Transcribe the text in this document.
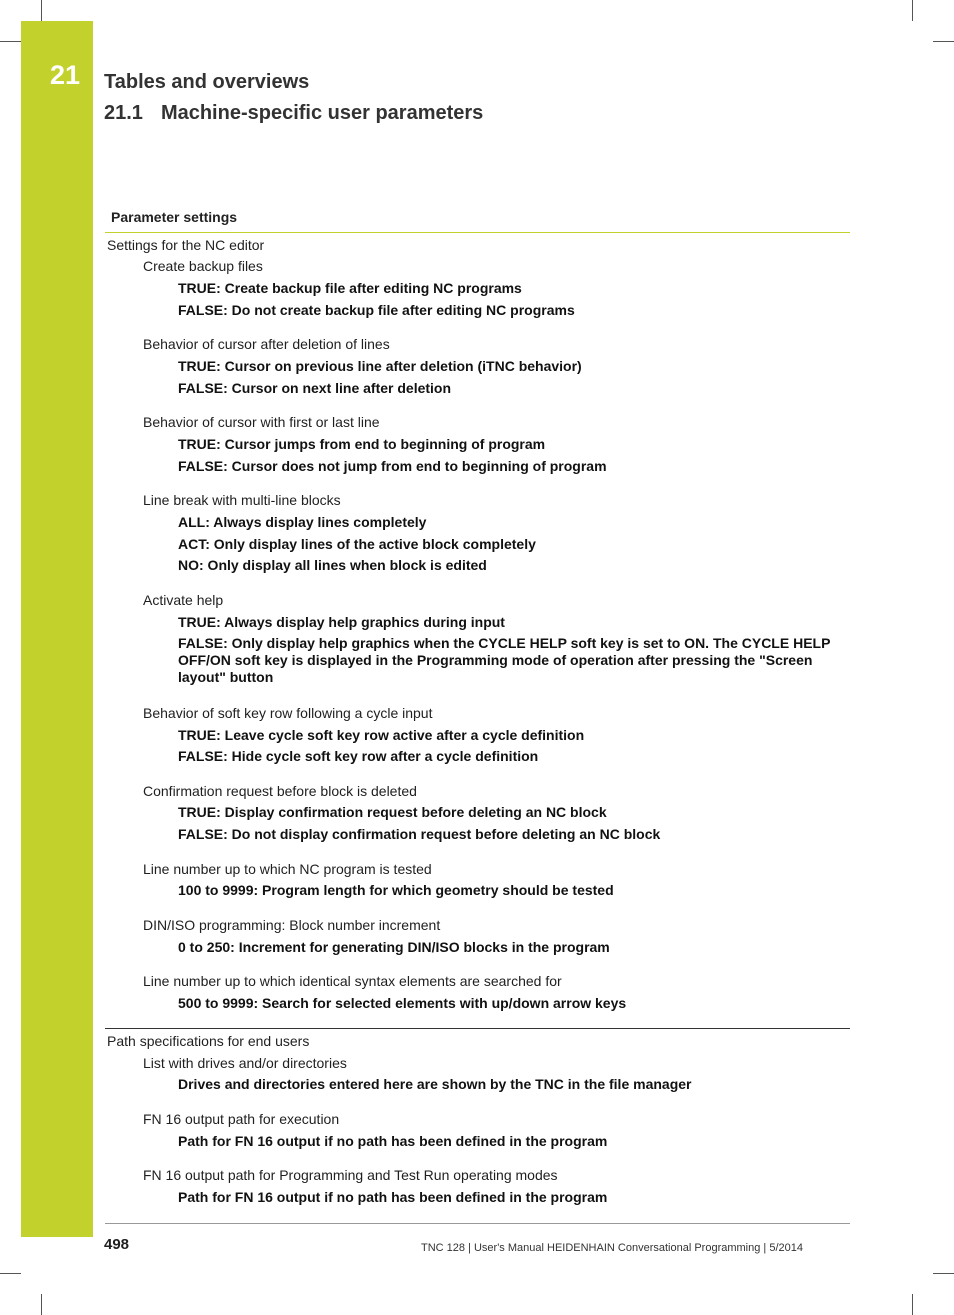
21 Tables and overviews
21.1 Machine-specific user parameters
Parameter settings
Settings for the NC editor
Create backup files
TRUE: Create backup file after editing NC programs
FALSE: Do not create backup file after editing NC programs
Behavior of cursor after deletion of lines
TRUE: Cursor on previous line after deletion (iTNC behavior)
FALSE: Cursor on next line after deletion
Behavior of cursor with first or last line
TRUE: Cursor jumps from end to beginning of program
FALSE: Cursor does not jump from end to beginning of program
Line break with multi-line blocks
ALL: Always display lines completely
ACT: Only display lines of the active block completely
NO: Only display all lines when block is edited
Activate help
TRUE: Always display help graphics during input
FALSE: Only display help graphics when the CYCLE HELP soft key is set to ON. The CYCLE HELP OFF/ON soft key is displayed in the Programming mode of operation after pressing the "Screen layout" button
Behavior of soft key row following a cycle input
TRUE: Leave cycle soft key row active after a cycle definition
FALSE: Hide cycle soft key row after a cycle definition
Confirmation request before block is deleted
TRUE: Display confirmation request before deleting an NC block
FALSE: Do not display confirmation request before deleting an NC block
Line number up to which NC program is tested
100 to 9999: Program length for which geometry should be tested
DIN/ISO programming: Block number increment
0 to 250: Increment for generating DIN/ISO blocks in the program
Line number up to which identical syntax elements are searched for
500 to 9999: Search for selected elements with up/down arrow keys
Path specifications for end users
List with drives and/or directories
Drives and directories entered here are shown by the TNC in the file manager
FN 16 output path for execution
Path for FN 16 output if no path has been defined in the program
FN 16 output path for Programming and Test Run operating modes
Path for FN 16 output if no path has been defined in the program
498	TNC 128 | User's Manual HEIDENHAIN Conversational Programming | 5/2014
